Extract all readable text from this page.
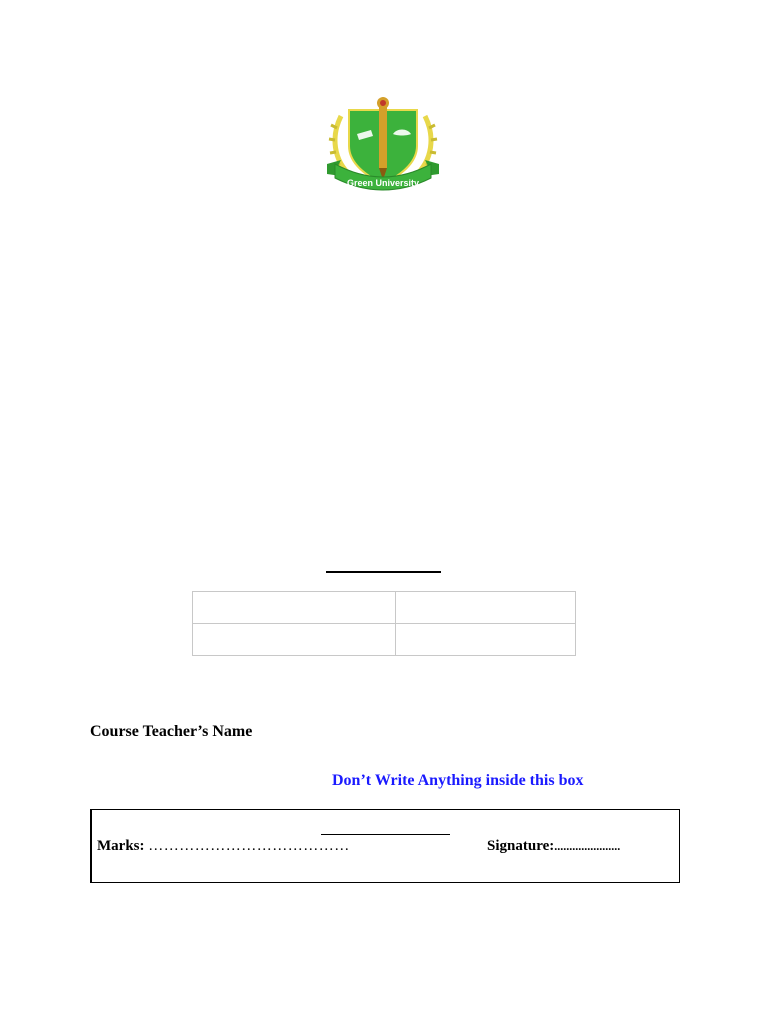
Green University

Course Teacher’s Name
Don’t Write Anything inside this box
Marks: …………………………………	Signature:......................
